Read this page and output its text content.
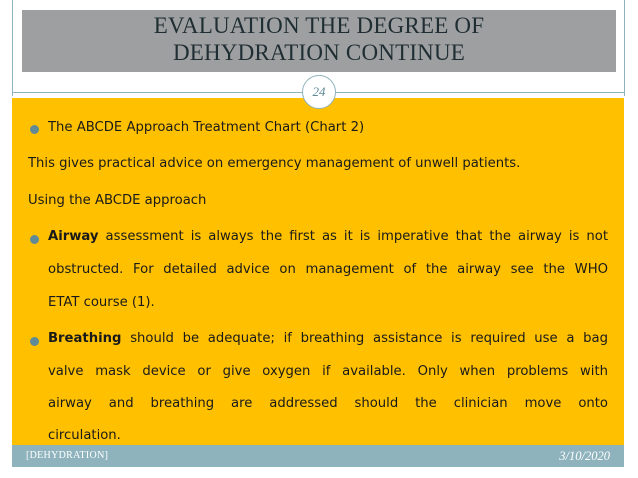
EVALUATION THE DEGREE OF
DEHYDRATION CONTINUE
24
The ABCDE Approach Treatment Chart (Chart 2)
This gives practical advice on emergency management of unwell patients.
Using the ABCDE approach
Airway assessment is always the first as it is imperative that the airway is not
obstructed. For detailed advice on management of the airway see the WHO
ETAT course (1).
Breathing should be adequate; if breathing assistance is required use a bag
valve mask device or give oxygen if available. Only when problems with
airway and breathing are addressed should the clinician move onto
circulation.
[DEHYDRATION]	3/10/2020
